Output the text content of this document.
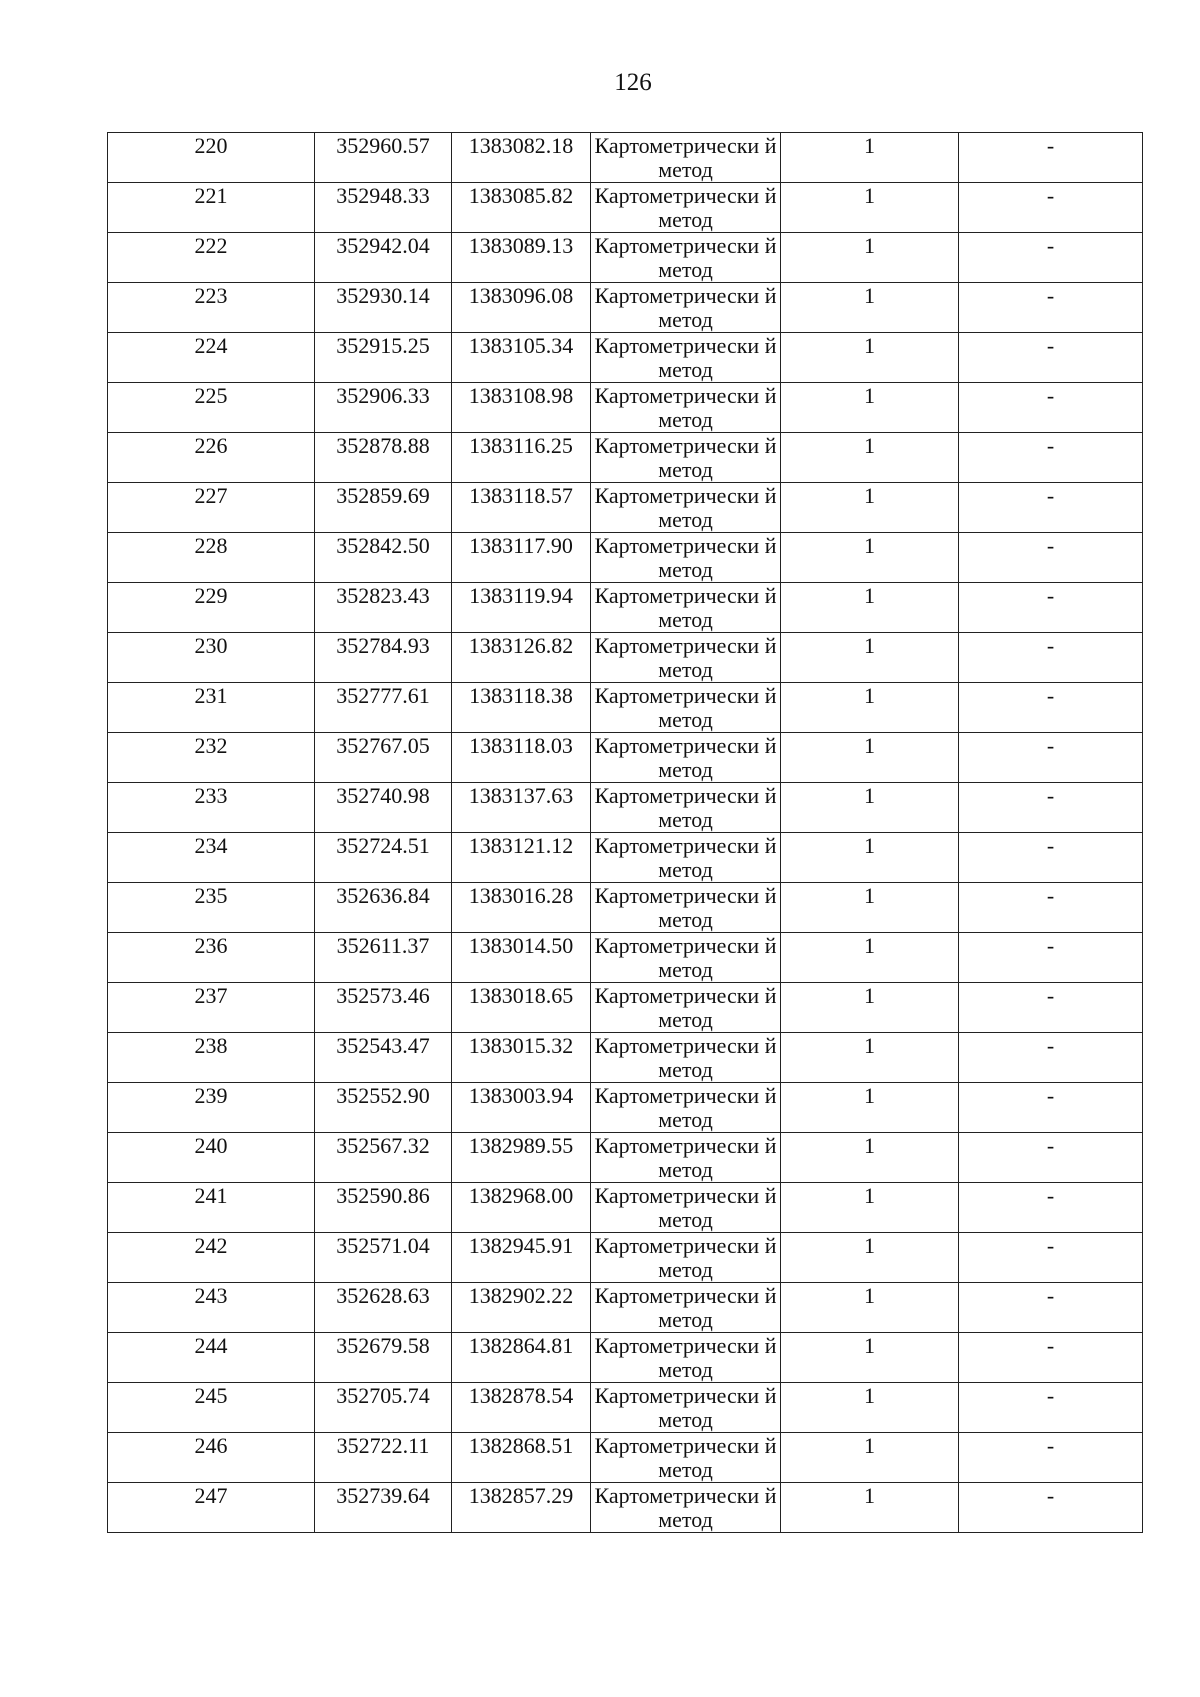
126
220	352960.57	1383082.18	Картометрически й метод	1	-

221	352948.33	1383085.82	Картометрически й метод	1	-

222	352942.04	1383089.13	Картометрически й метод	1	-

223	352930.14	1383096.08	Картометрически й метод	1	-

224	352915.25	1383105.34	Картометрически й метод	1	-

225	352906.33	1383108.98	Картометрически й метод	1	-

226	352878.88	1383116.25	Картометрически й метод	1	-

227	352859.69	1383118.57	Картометрически й метод	1	-

228	352842.50	1383117.90	Картометрически й метод	1	-

229	352823.43	1383119.94	Картометрически й метод	1	-

230	352784.93	1383126.82	Картометрически й метод	1	-

231	352777.61	1383118.38	Картометрически й метод	1	-

232	352767.05	1383118.03	Картометрически й метод	1	-

233	352740.98	1383137.63	Картометрически й метод	1	-

234	352724.51	1383121.12	Картометрически й метод	1	-

235	352636.84	1383016.28	Картометрически й метод	1	-

236	352611.37	1383014.50	Картометрически й метод	1	-

237	352573.46	1383018.65	Картометрически й метод	1	-

238	352543.47	1383015.32	Картометрически й метод	1	-

239	352552.90	1383003.94	Картометрически й метод	1	-

240	352567.32	1382989.55	Картометрически й метод	1	-

241	352590.86	1382968.00	Картометрически й метод	1	-

242	352571.04	1382945.91	Картометрически й метод	1	-

243	352628.63	1382902.22	Картометрически й метод	1	-

244	352679.58	1382864.81	Картометрически й метод	1	-

245	352705.74	1382878.54	Картометрически й метод	1	-

246	352722.11	1382868.51	Картометрически й метод	1	-

247	352739.64	1382857.29	Картометрически й метод	1	-
